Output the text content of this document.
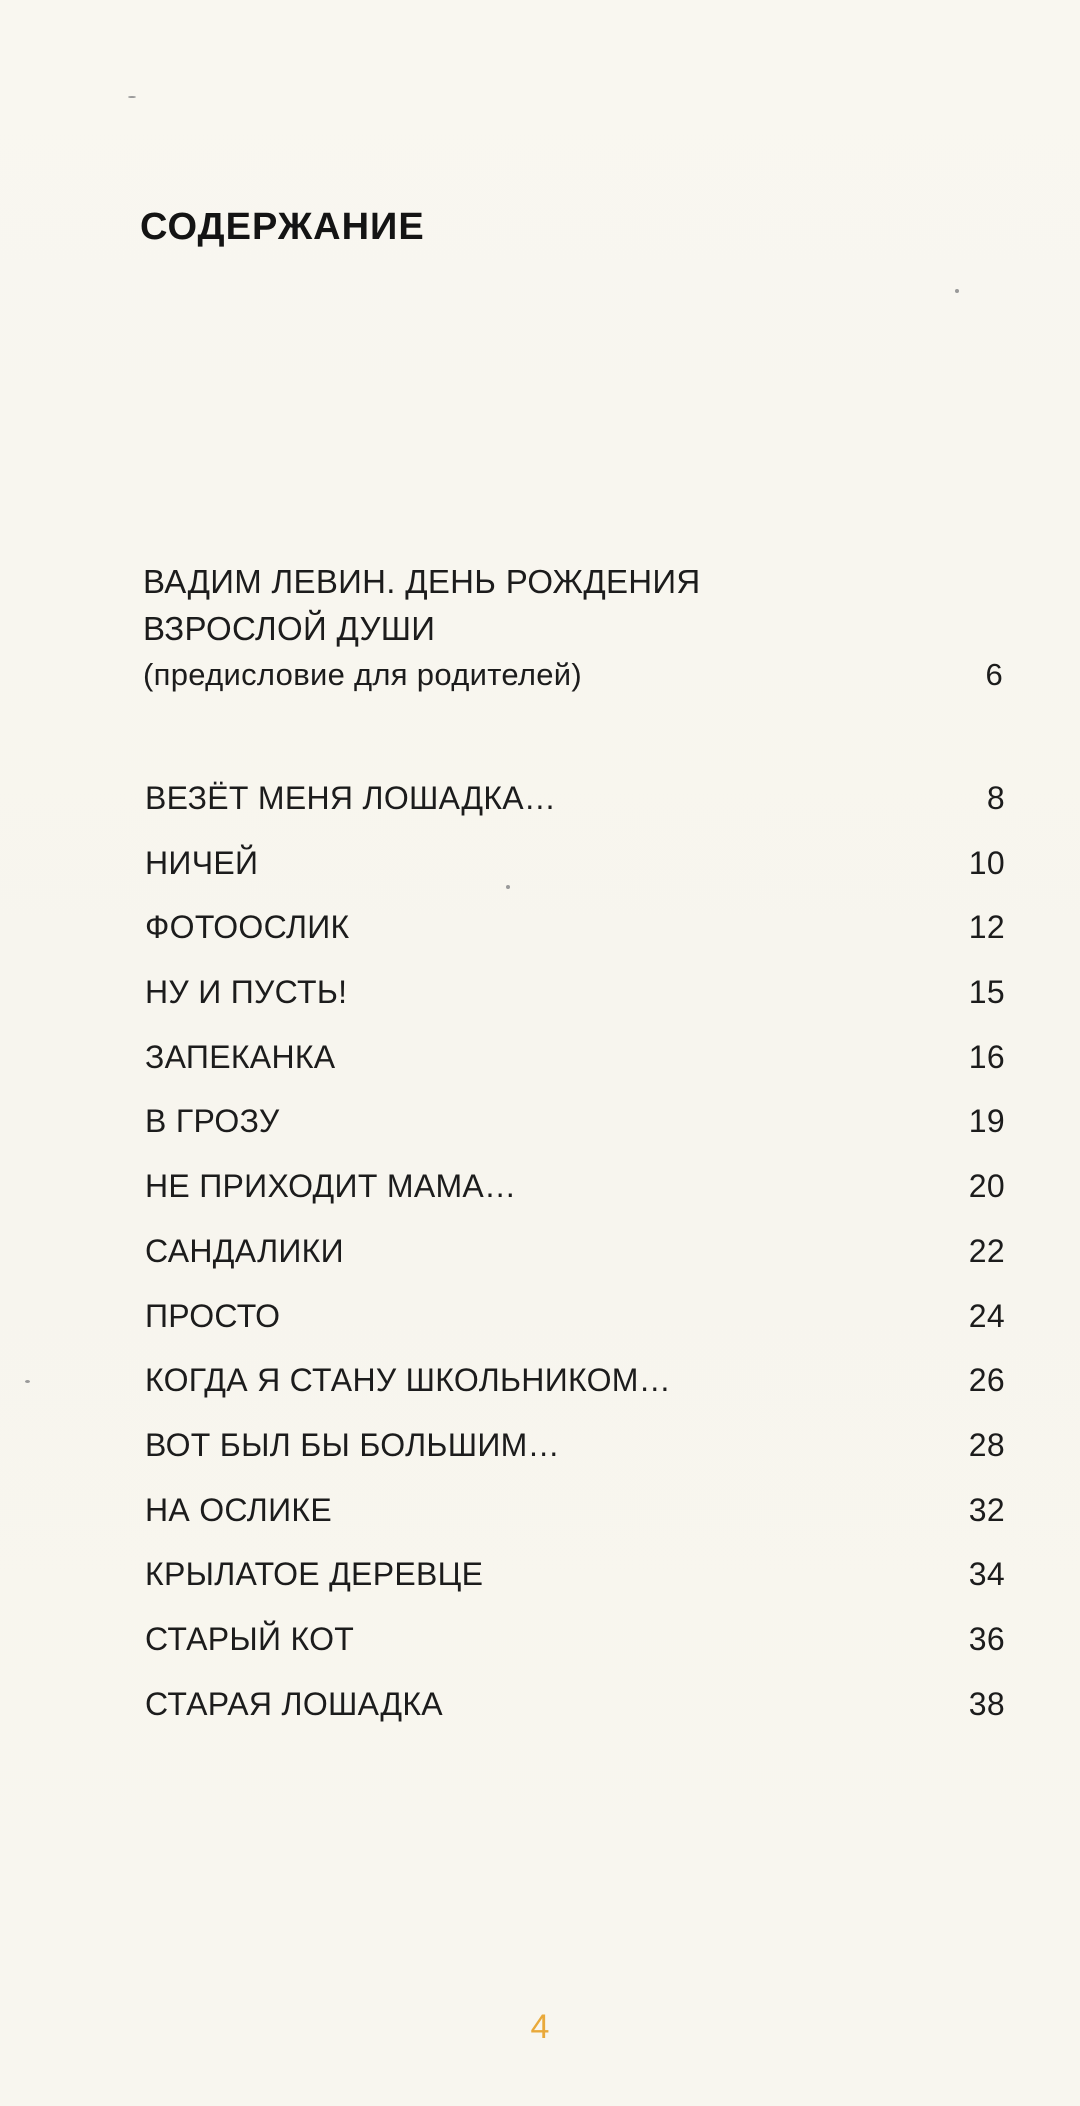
СОДЕРЖАНИЕ
ВАДИМ ЛЕВИН. ДЕНЬ РОЖДЕНИЯ
ВЗРОСЛОЙ ДУШИ
(предисловие для родителей)	6
ВЕЗЁТ МЕНЯ ЛОШАДКА…	8
НИЧЕЙ	10
ФОТООСЛИК	12
НУ И ПУСТЬ!	15
ЗАПЕКАНКА	16
В ГРОЗУ	19
НЕ ПРИХОДИТ МАМА…	20
САНДАЛИКИ	22
ПРОСТО	24
КОГДА Я СТАНУ ШКОЛЬНИКОМ…	26
ВОТ БЫЛ БЫ БОЛЬШИМ…	28
НА ОСЛИКЕ	32
КРЫЛАТОЕ ДЕРЕВЦЕ	34
СТАРЫЙ КОТ	36
СТАРАЯ ЛОШАДКА	38
4
